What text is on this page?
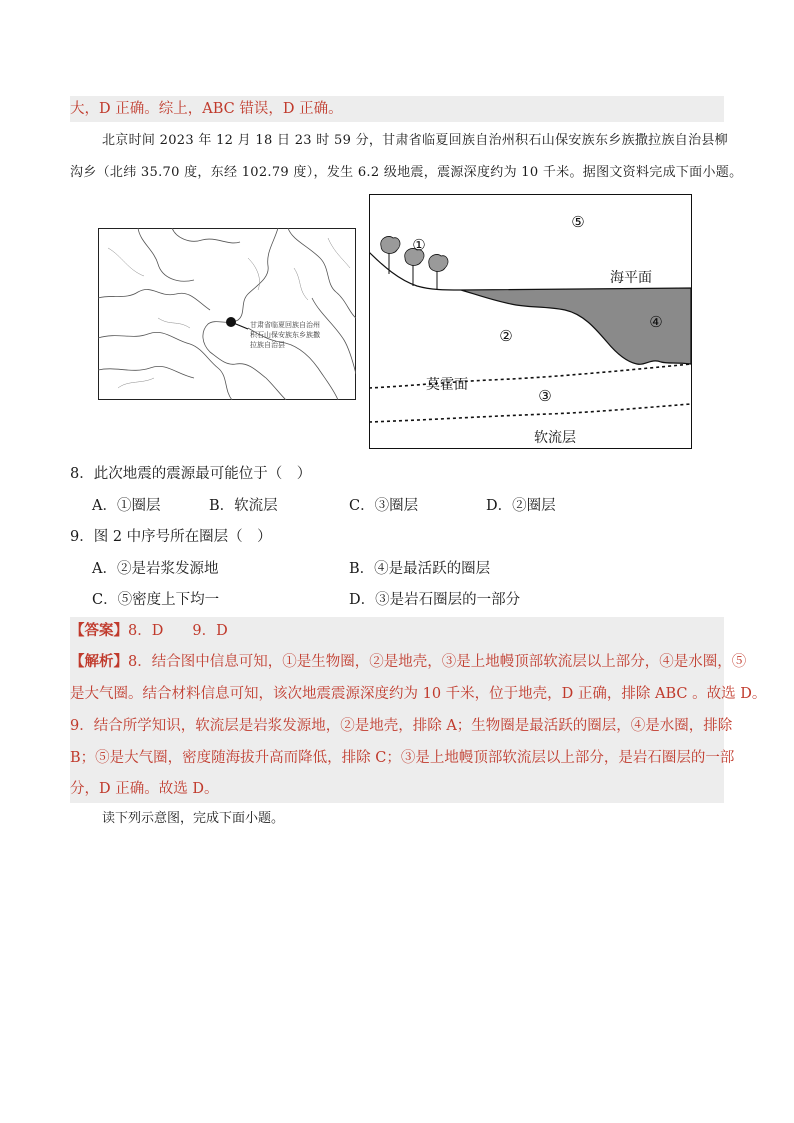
大，D 正确。综上，ABC 错误，D 正确。
北京时间 2023 年 12 月 18 日 23 时 59 分，甘肃省临夏回族自治州积石山保安族东乡族撒拉族自治县柳
沟乡（北纬 35.70 度，东经 102.79 度），发生 6.2 级地震，震源深度约为 10 千米。据图文资料完成下面小题。
甘肃省临夏回族自治州
积石山保安族东乡族撒
拉族自治县
⑤
①
海平面
②
④
莫霍面
③
软流层
8．此次地震的震源最可能位于（　）
A．①圈层	B．软流层	C．③圈层	D．②圈层
9．图 2 中序号所在圈层（　）
A．②是岩浆发源地	B．④是最活跃的圈层
C．⑤密度上下均一	D．③是岩石圈层的一部分
【答案】8．D　　9．D
【解析】8．结合图中信息可知，①是生物圈，②是地壳，③是上地幔顶部软流层以上部分，④是水圈，⑤
是大气圈。结合材料信息可知，该次地震震源深度约为 10 千米，位于地壳，D 正确，排除 ABC 。故选 D。
9．结合所学知识，软流层是岩浆发源地，②是地壳，排除 A；生物圈是最活跃的圈层，④是水圈，排除
B；⑤是大气圈，密度随海拔升高而降低，排除 C；③是上地幔顶部软流层以上部分，是岩石圈层的一部
分，D 正确。故选 D。
读下列示意图，完成下面小题。
